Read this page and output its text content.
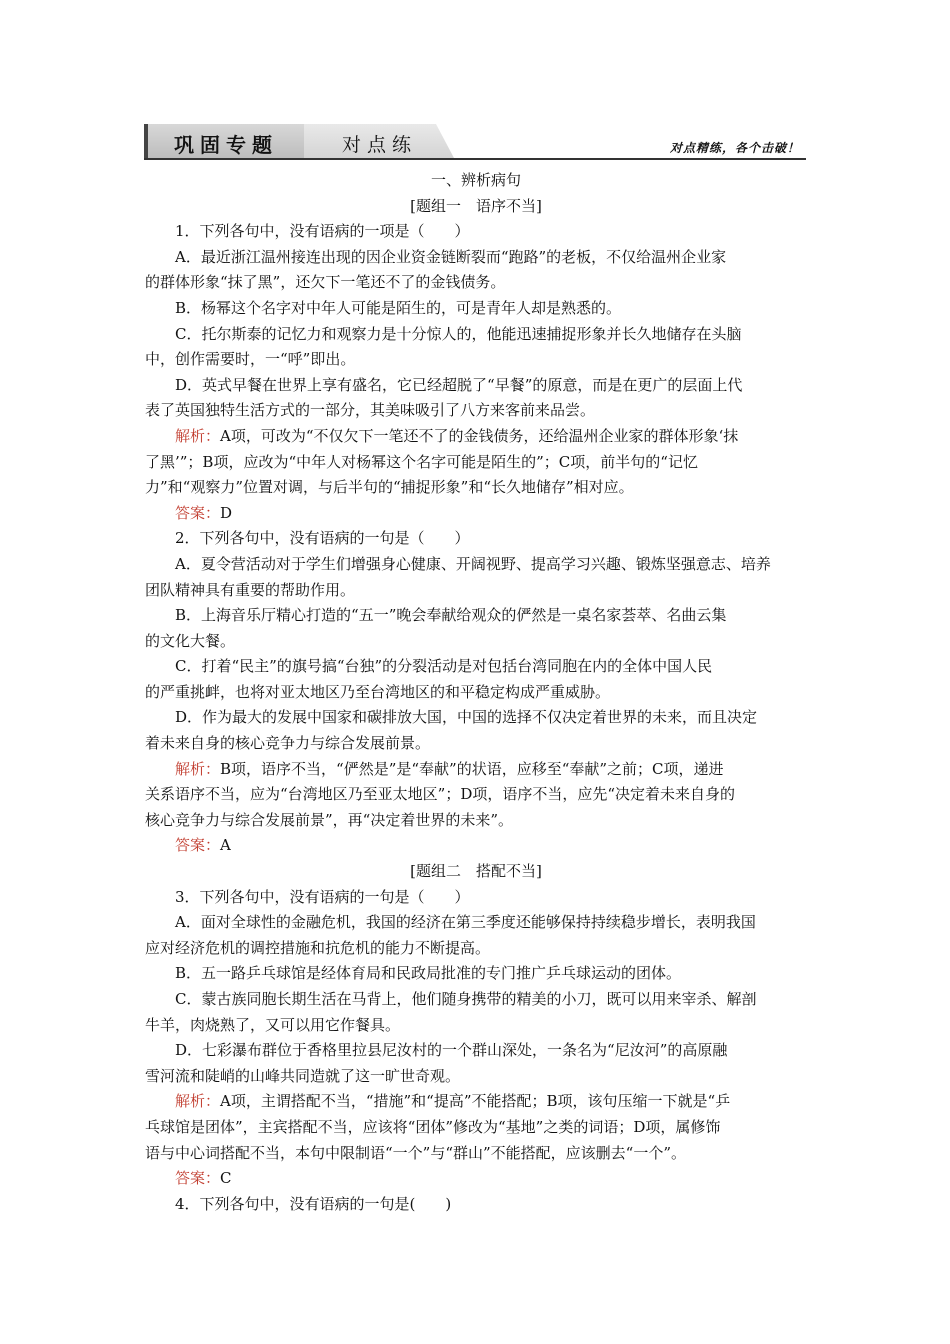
巩固专题	对点练	对点精练，各个击破！
一、辨析病句
[题组一　语序不当]
1．下列各句中，没有语病的一项是（　　）
A．最近浙江温州接连出现的因企业资金链断裂而“跑路”的老板，不仅给温州企业家
的群体形象“抹了黑”，还欠下一笔还不了的金钱债务。
B．杨幂这个名字对中年人可能是陌生的，可是青年人却是熟悉的。
C．托尔斯泰的记忆力和观察力是十分惊人的，他能迅速捕捉形象并长久地储存在头脑
中，创作需要时，一“呼”即出。
D．英式早餐在世界上享有盛名，它已经超脱了“早餐”的原意，而是在更广的层面上代
表了英国独特生活方式的一部分，其美味吸引了八方来客前来品尝。
解析：A项，可改为“不仅欠下一笔还不了的金钱债务，还给温州企业家的群体形象‘抹
了黑’”；B项，应改为“中年人对杨幂这个名字可能是陌生的”；C项，前半句的“记忆
力”和“观察力”位置对调，与后半句的“捕捉形象”和“长久地储存”相对应。
答案：D
2．下列各句中，没有语病的一句是（　　）
A．夏令营活动对于学生们增强身心健康、开阔视野、提高学习兴趣、锻炼坚强意志、培养
团队精神具有重要的帮助作用。
B．上海音乐厅精心打造的“五一”晚会奉献给观众的俨然是一桌名家荟萃、名曲云集
的文化大餐。
C．打着“民主”的旗号搞“台独”的分裂活动是对包括台湾同胞在内的全体中国人民
的严重挑衅，也将对亚太地区乃至台湾地区的和平稳定构成严重威胁。
D．作为最大的发展中国家和碳排放大国，中国的选择不仅决定着世界的未来，而且决定
着未来自身的核心竞争力与综合发展前景。
解析：B项，语序不当，“俨然是”是“奉献”的状语，应移至“奉献”之前；C项，递进
关系语序不当，应为“台湾地区乃至亚太地区”；D项，语序不当，应先“决定着未来自身的
核心竞争力与综合发展前景”，再“决定着世界的未来”。
答案：A
[题组二　搭配不当]
3．下列各句中，没有语病的一句是（　　）
A．面对全球性的金融危机，我国的经济在第三季度还能够保持持续稳步增长，表明我国
应对经济危机的调控措施和抗危机的能力不断提高。
B．五一路乒乓球馆是经体育局和民政局批准的专门推广乒乓球运动的团体。
C．蒙古族同胞长期生活在马背上，他们随身携带的精美的小刀，既可以用来宰杀、解剖
牛羊，肉烧熟了，又可以用它作餐具。
D．七彩瀑布群位于香格里拉县尼汝村的一个群山深处，一条名为“尼汝河”的高原融
雪河流和陡峭的山峰共同造就了这一旷世奇观。
解析：A项，主谓搭配不当，“措施”和“提高”不能搭配；B项，该句压缩一下就是“乒
乓球馆是团体”，主宾搭配不当，应该将“团体”修改为“基地”之类的词语；D项，属修饰
语与中心词搭配不当，本句中限制语“一个”与“群山”不能搭配，应该删去“一个”。
答案：C
4．下列各句中，没有语病的一句是(　　)
